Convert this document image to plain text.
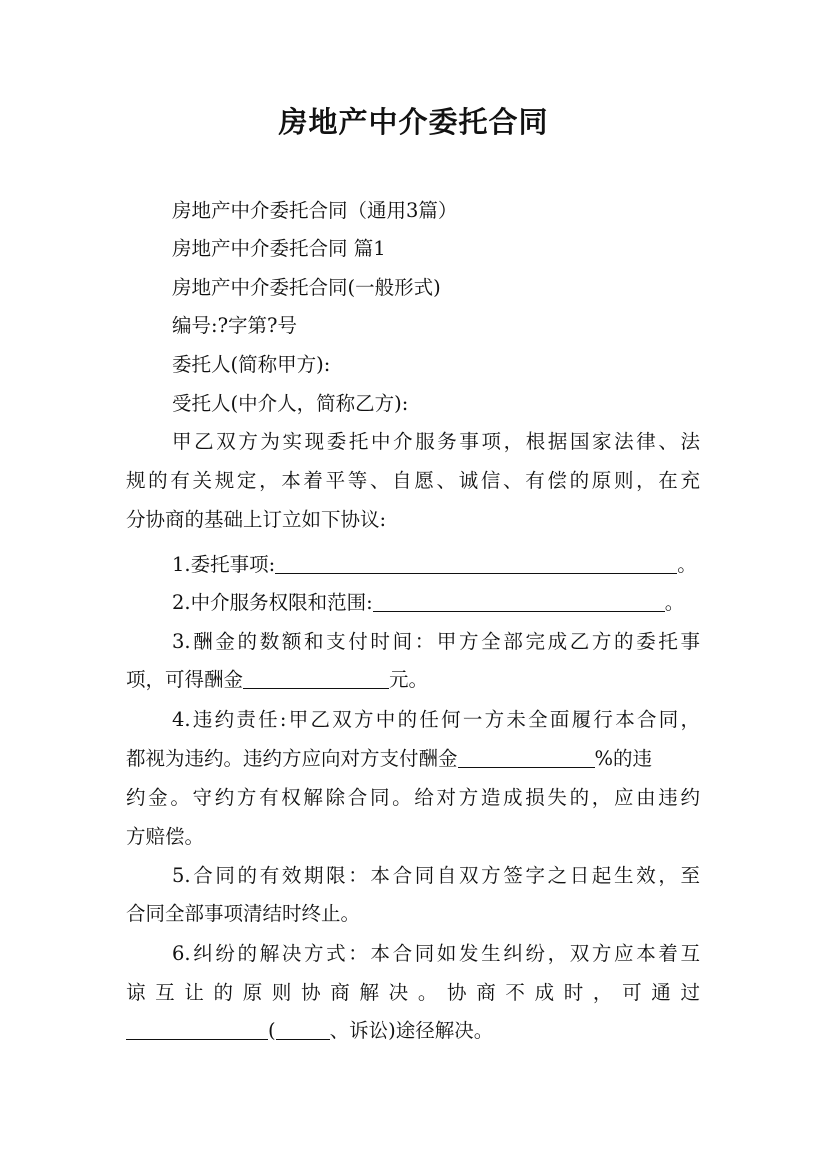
房地产中介委托合同
房地产中介委托合同（通用3篇）
房地产中介委托合同 篇1
房地产中介委托合同(一般形式)
编号:?字第?号
委托人(简称甲方):
受托人(中介人，简称乙方):
甲乙双方为实现委托中介服务事项，根据国家法律、法
规的有关规定，本着平等、自愿、诚信、有偿的原则，在充
分协商的基础上订立如下协议:
1.委托事项:	。
2.中介服务权限和范围:	。
3.酬金的数额和支付时间：甲方全部完成乙方的委托事
项，可得酬金	元。
4.违约责任:甲乙双方中的任何一方未全面履行本合同，
都视为违约。违约方应向对方支付酬金	%的违
约金。守约方有权解除合同。给对方造成损失的，应由违约
方赔偿。
5.合同的有效期限：本合同自双方签字之日起生效，至
合同全部事项清结时终止。
6.纠纷的解决方式：本合同如发生纠纷，双方应本着互
谅互让的原则协商解决。协商不成时，可通过
(	、诉讼)途径解决。
